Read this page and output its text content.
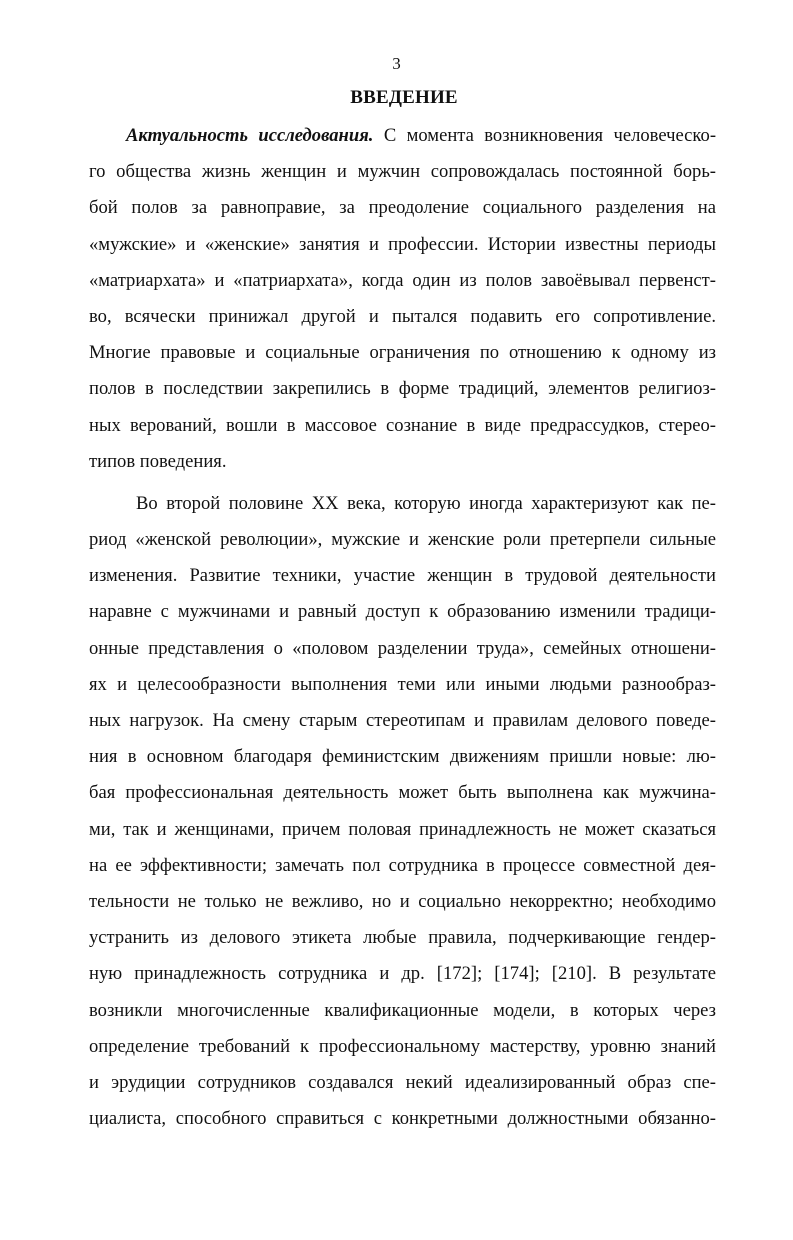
3
ВВЕДЕНИЕ
Актуальность исследования. С момента возникновения человеческо-
го общества жизнь женщин и мужчин сопровождалась постоянной борь-
бой полов за равноправие, за преодоление социального разделения на
«мужские» и «женские» занятия и профессии. Истории известны периоды
«матриархата» и «патриархата», когда один из полов завоёвывал первенст-
во, всячески принижал другой и пытался подавить его сопротивление.
Многие правовые и социальные ограничения по отношению к одному из
полов в последствии закрепились в форме традиций, элементов религиоз-
ных верований, вошли в массовое сознание в виде предрассудков, стерео-
типов поведения.
Во второй половине XX века, которую иногда характеризуют как пе-
риод «женской революции», мужские и женские роли претерпели сильные
изменения. Развитие техники, участие женщин в трудовой деятельности
наравне с мужчинами и равный доступ к образованию изменили традици-
онные представления о «половом разделении труда», семейных отношени-
ях и целесообразности выполнения теми или иными людьми разнообраз-
ных нагрузок. На смену старым стереотипам и правилам делового поведе-
ния в основном благодаря феминистским движениям пришли новые: лю-
бая профессиональная деятельность может быть выполнена как мужчина-
ми, так и женщинами, причем половая принадлежность не может сказаться
на ее эффективности; замечать пол сотрудника в процессе совместной дея-
тельности не только не вежливо, но и социально некорректно; необходимо
устранить из делового этикета любые правила, подчеркивающие гендер-
ную принадлежность сотрудника и др. [172]; [174]; [210]. В результате
возникли многочисленные квалификационные модели, в которых через
определение требований к профессиональному мастерству, уровню знаний
и эрудиции сотрудников создавался некий идеализированный образ спе-
циалиста, способного справиться с конкретными должностными обязанно-
